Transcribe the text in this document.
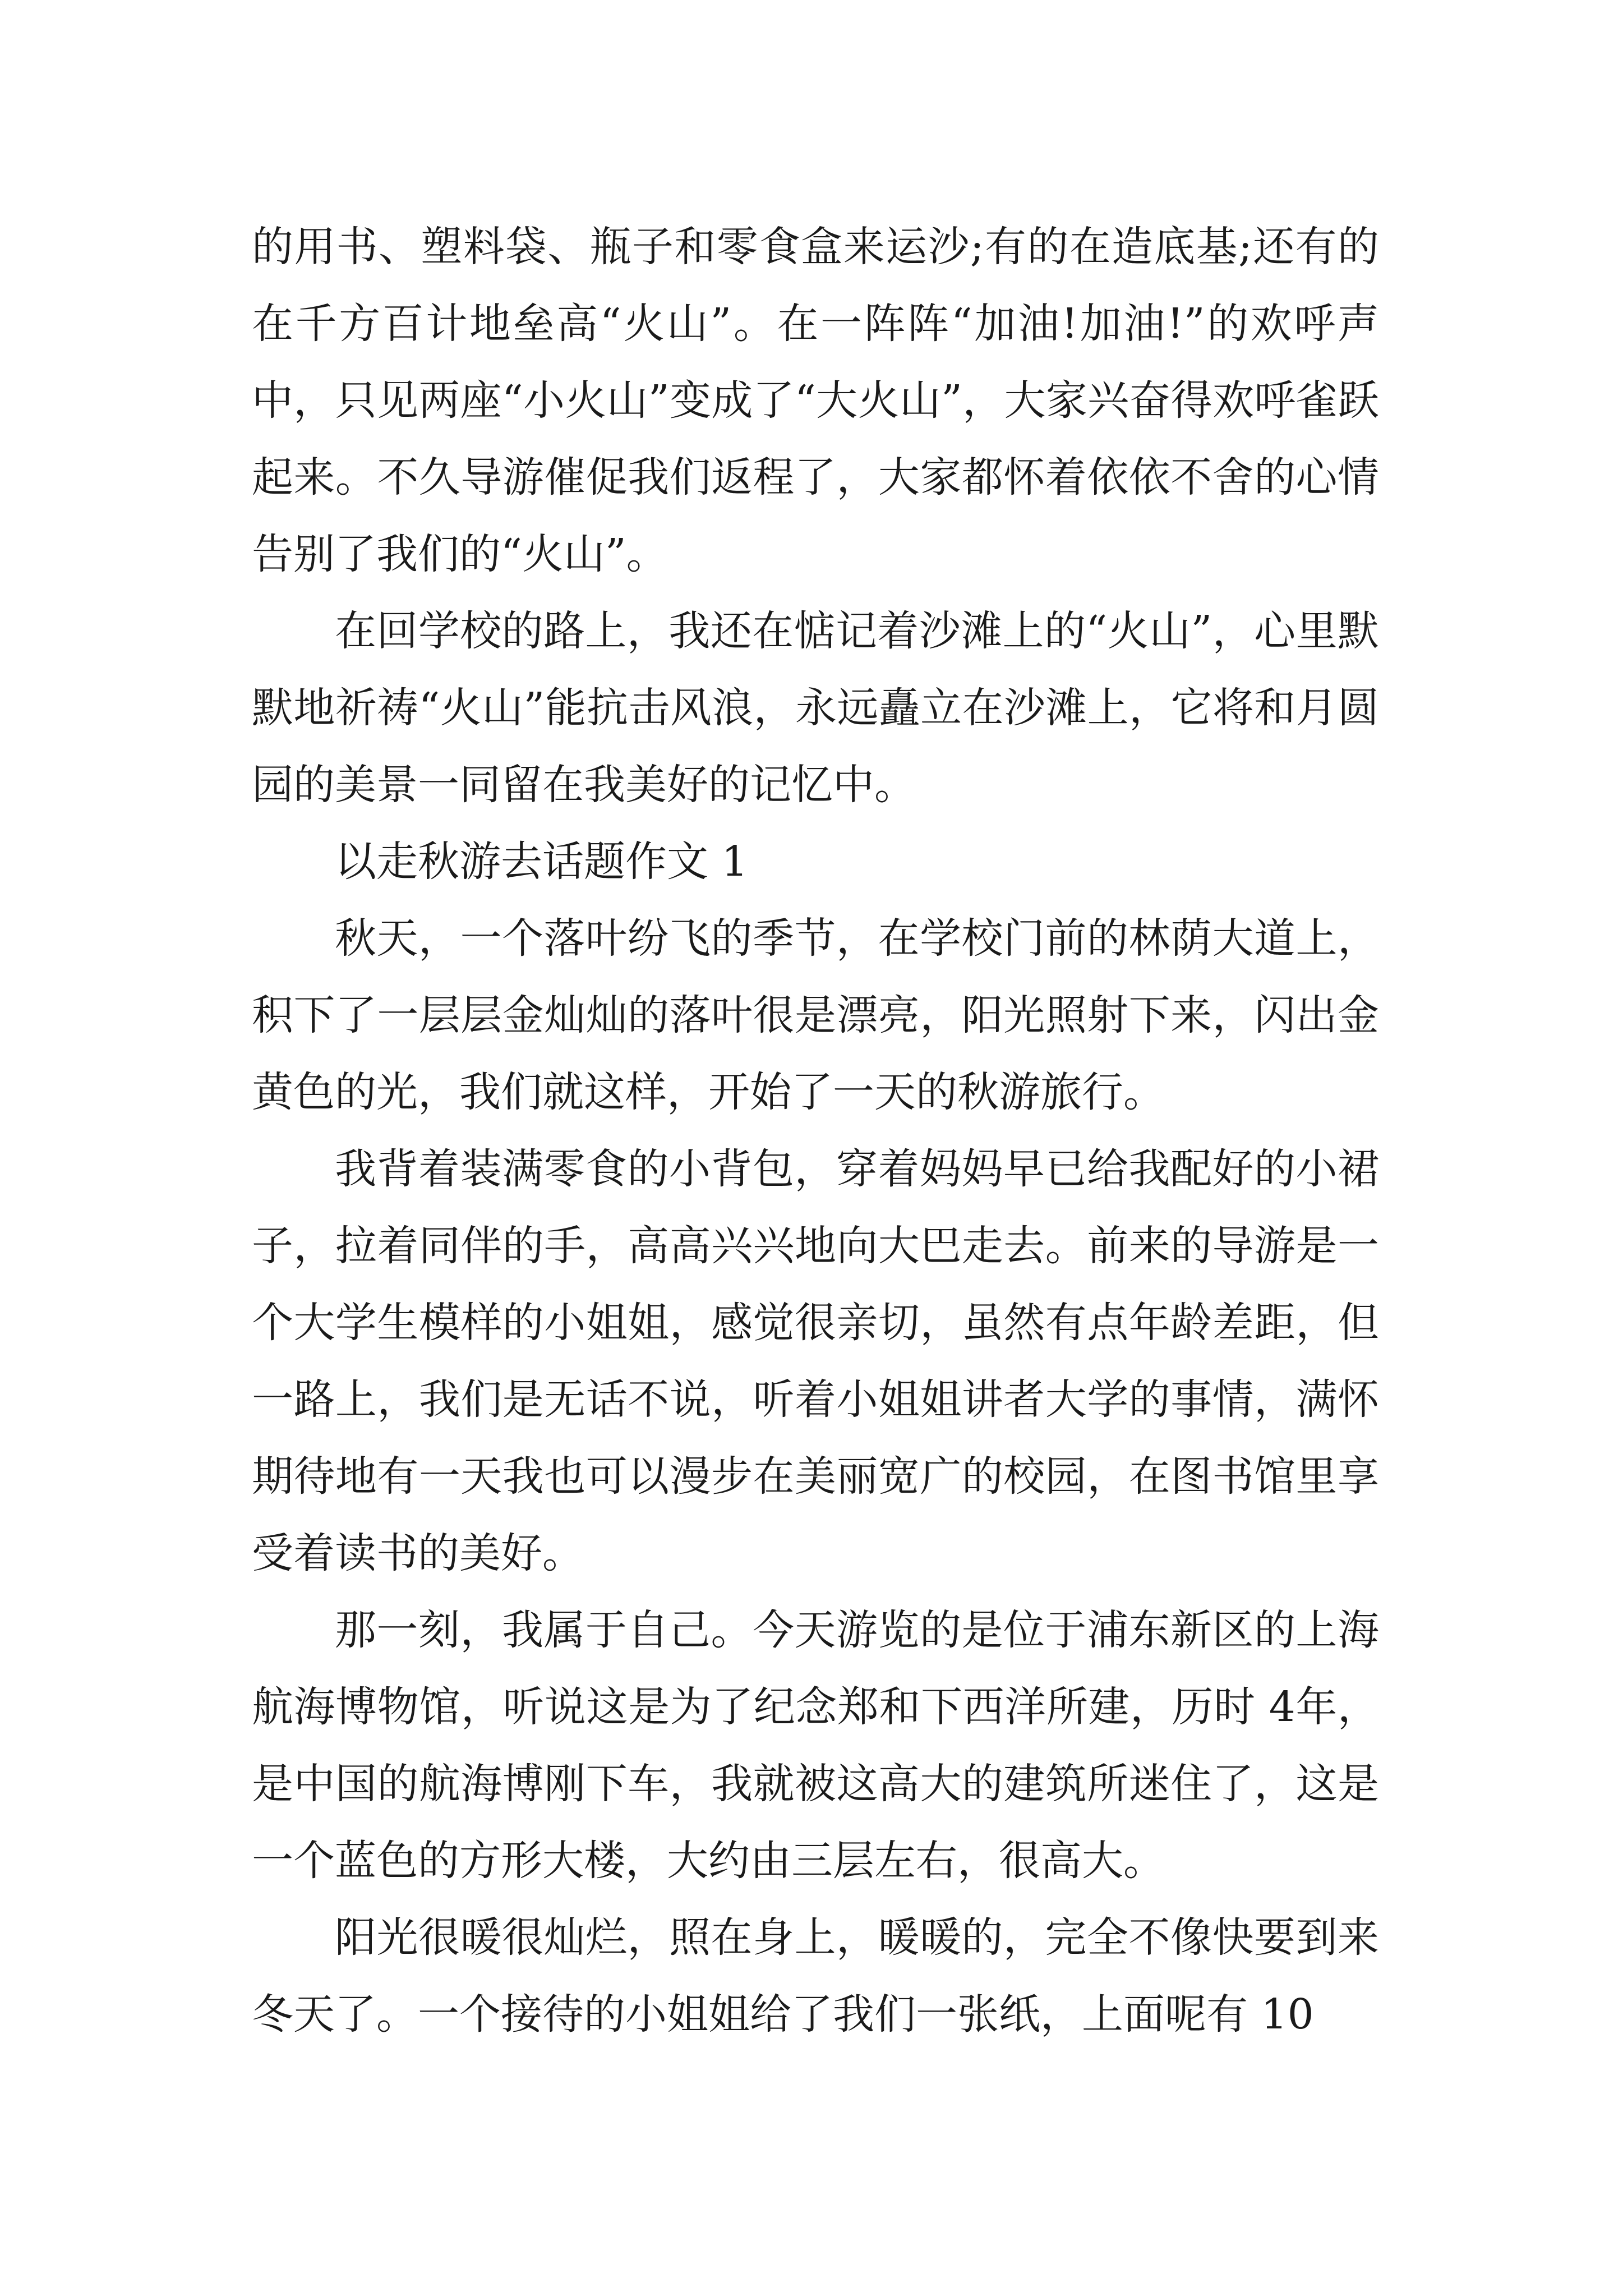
的用书、塑料袋、瓶子和零食盒来运沙;有的在造底基;还有的在千方百计地垒高“火山”。在一阵阵“加油!加油!”的欢呼声中，只见两座“小火山”变成了“大火山”，大家兴奋得欢呼雀跃起来。不久导游催促我们返程了，大家都怀着依依不舍的心情告别了我们的“火山”。

在回学校的路上，我还在惦记着沙滩上的“火山”，心里默默地祈祷“火山”能抗击风浪，永远矗立在沙滩上，它将和月圆园的美景一同留在我美好的记忆中。

以走秋游去话题作文 1

秋天，一个落叶纷飞的季节，在学校门前的林荫大道上，积下了一层层金灿灿的落叶很是漂亮，阳光照射下来，闪出金黄色的光，我们就这样，开始了一天的秋游旅行。

我背着装满零食的小背包，穿着妈妈早已给我配好的小裙子，拉着同伴的手，高高兴兴地向大巴走去。前来的导游是一个大学生模样的小姐姐，感觉很亲切，虽然有点年龄差距，但一路上，我们是无话不说，听着小姐姐讲者大学的事情，满怀期待地有一天我也可以漫步在美丽宽广的校园，在图书馆里享受着读书的美好。

那一刻，我属于自己。今天游览的是位于浦东新区的上海航海博物馆，听说这是为了纪念郑和下西洋所建，历时 4年，是中国的航海博刚下车，我就被这高大的建筑所迷住了，这是一个蓝色的方形大楼，大约由三层左右，很高大。

阳光很暖很灿烂，照在身上，暖暖的，完全不像快要到来冬天了。一个接待的小姐姐给了我们一张纸，上面呢有 10
